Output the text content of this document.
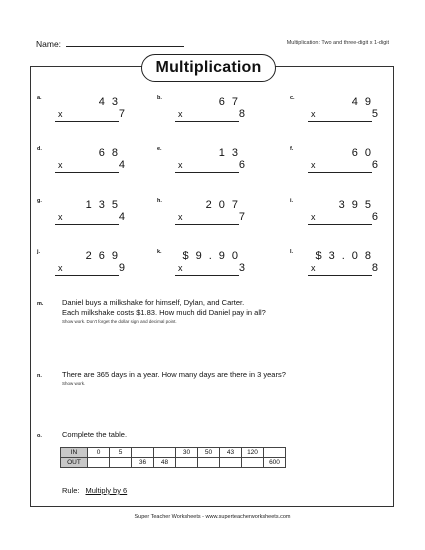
Name:	Multiplication: Two and three-digit x 1-digit
Multiplication
a.	43
x	7
b.	67
x	8
c.	49
x	5
d.	68
x	4
e.	13
x	6
f.	60
x	6
g.	135
x	4
h.	207
x	7
i.	395
x	6
j.	269
x	9
k. $9.90
x	3
l. $3.08
x	8
m. Daniel buys a milkshake for himself, Dylan, and Carter.
Each milkshake costs $1.83. How much did Daniel pay in all?
Show work. Don't forget the dollar sign and decimal point.
n.	There are 365 days in a year. How many days are there in 3 years?
Show work.
o.	Complete the table.
IN	0	5			30	50	43	120	
OUT			36	48					600
Rule: Multiply by 6
Super Teacher Worksheets - www.superteacherworksheets.com
